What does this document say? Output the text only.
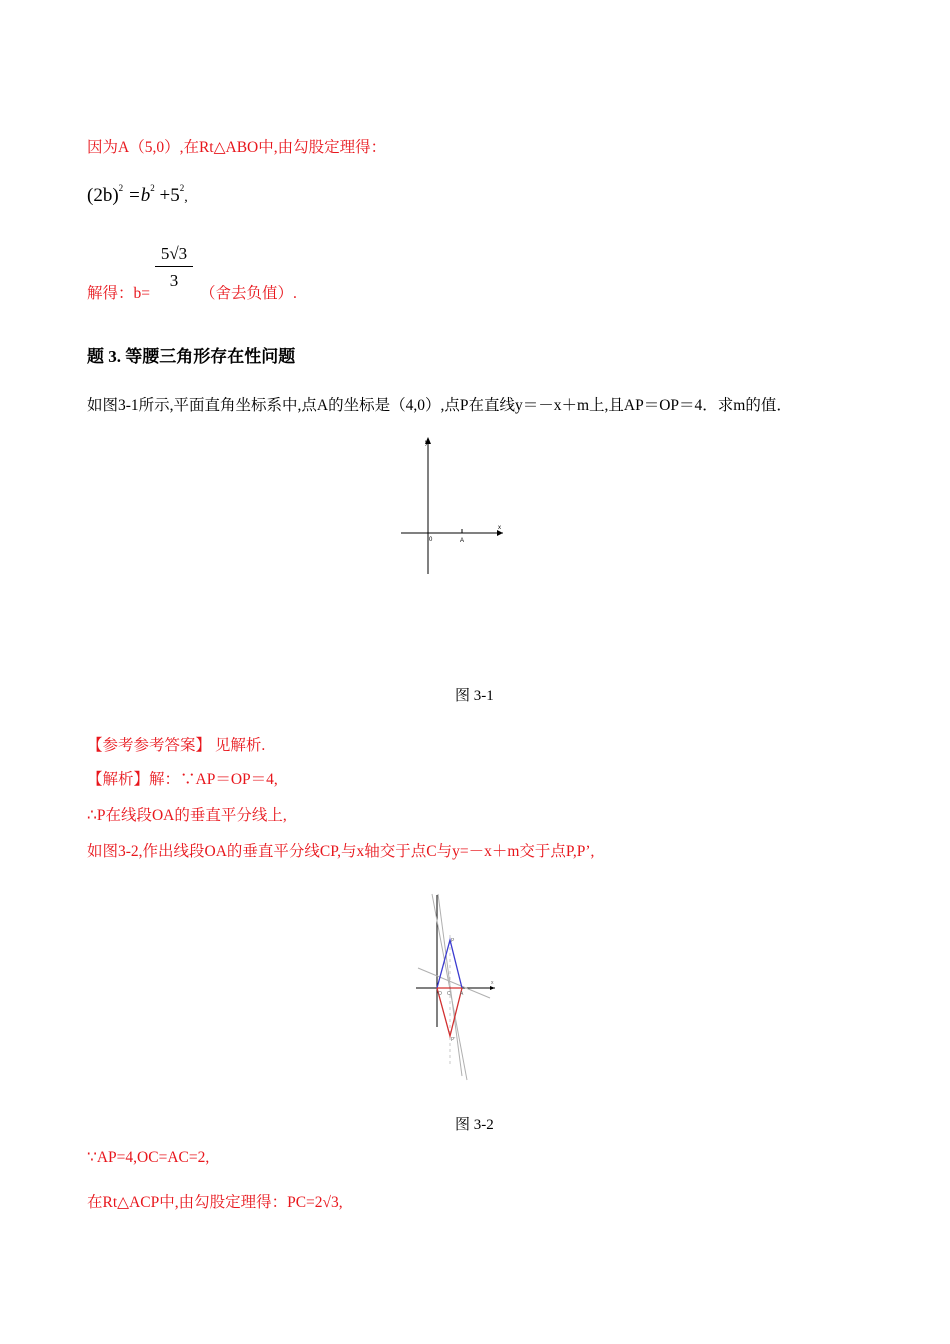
因为A（5,0）,在Rt△ABO中,由勾股定理得：
$(2b)^2 =b^2 +5^2$,
$\frac{5√3}{3}$
解得：b=	（舍去负值）.
题 3. 等腰三角形存在性问题
如图3-1所示,平面直角坐标系中,点A的坐标是（4,0）,点P在直线y＝－x＋m上,且AP＝OP＝4．求m的值．
y
x
0	A
图 3-1
【参考参考答案】 见解析.
【解析】解：∵AP＝OP＝4,
∴P在线段OA的垂直平分线上,
如图3-2,作出线段OA的垂直平分线CP,与x轴交于点C与y=－x＋m交于点P,P’,
P
P'
O C A
x
图 3-2
∵AP=4,OC=AC=2,
在Rt△ACP中,由勾股定理得：PC=2√3,
